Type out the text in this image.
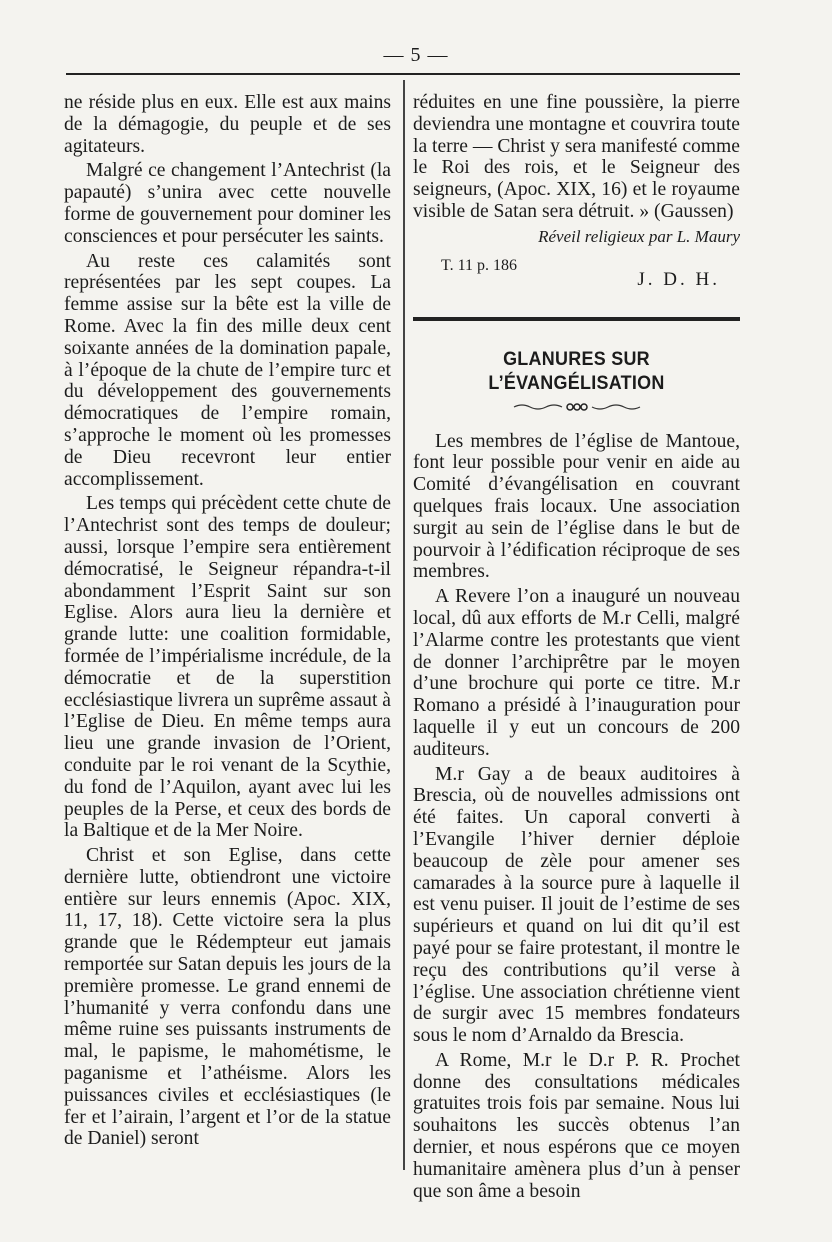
— 5 —

ne réside plus en eux. Elle est aux mains de la démagogie, du peuple et de ses agitateurs.

Malgré ce changement l’Antechrist (la papauté) s’unira avec cette nouvelle forme de gouvernement pour dominer les consciences et pour persécuter les saints.

Au reste ces calamités sont représentées par les sept coupes. La femme assise sur la bête est la ville de Rome. Avec la fin des mille deux cent soixante années de la domination papale, à l’époque de la chute de l’empire turc et du développement des gouvernements démocratiques de l’empire romain, s’approche le moment où les promesses de Dieu recevront leur entier accomplissement.

Les temps qui précèdent cette chute de l’Antechrist sont des temps de douleur; aussi, lorsque l’empire sera entièrement démocratisé, le Seigneur répandra-t-il abondamment l’Esprit Saint sur son Eglise. Alors aura lieu la dernière et grande lutte: une coalition formidable, formée de l’impérialisme incrédule, de la démocratie et de la superstition ecclésiastique livrera un suprême assaut à l’Eglise de Dieu. En même temps aura lieu une grande invasion de l’Orient, conduite par le roi venant de la Scythie, du fond de l’Aquilon, ayant avec lui les peuples de la Perse, et ceux des bords de la Baltique et de la Mer Noire.

Christ et son Eglise, dans cette dernière lutte, obtiendront une victoire entière sur leurs ennemis (Apoc. XIX, 11, 17, 18). Cette victoire sera la plus grande que le Rédempteur eut jamais remportée sur Satan depuis les jours de la première promesse. Le grand ennemi de l’humanité y verra confondu dans une même ruine ses puissants instruments de mal, le papisme, le mahométisme, le paganisme et l’athéisme. Alors les puissances civiles et ecclésiastiques (le fer et l’airain, l’argent et l’or de la statue de Daniel) seront

réduites en une fine poussière, la pierre deviendra une montagne et couvrira toute la terre — Christ y sera manifesté comme le Roi des rois, et le Seigneur des seigneurs, (Apoc. XIX, 16) et le royaume visible de Satan sera détruit. » (Gaussen)

Réveil religieux par L. Maury

T. 11 p. 186
J. D. H.
GLANURES SUR L’ÉVANGÉLISATION

Les membres de l’église de Mantoue, font leur possible pour venir en aide au Comité d’évangélisation en couvrant quelques frais locaux. Une association surgit au sein de l’église dans le but de pourvoir à l’édification réciproque de ses membres.

A Revere l’on a inauguré un nouveau local, dû aux efforts de M.r Celli, malgré l’Alarme contre les protestants que vient de donner l’archiprêtre par le moyen d’une brochure qui porte ce titre. M.r Romano a présidé à l’inauguration pour laquelle il y eut un concours de 200 auditeurs.

M.r Gay a de beaux auditoires à Brescia, où de nouvelles admissions ont été faites. Un caporal converti à l’Evangile l’hiver dernier déploie beaucoup de zèle pour amener ses camarades à la source pure à laquelle il est venu puiser. Il jouit de l’estime de ses supérieurs et quand on lui dit qu’il est payé pour se faire protestant, il montre le reçu des contributions qu’il verse à l’église. Une association chrétienne vient de surgir avec 15 membres fondateurs sous le nom d’Arnaldo da Brescia.

A Rome, M.r le D.r P. R. Prochet donne des consultations médicales gratuites trois fois par semaine. Nous lui souhaitons les succès obtenus l’an dernier, et nous espérons que ce moyen humanitaire amènera plus d’un à penser que son âme a besoin
